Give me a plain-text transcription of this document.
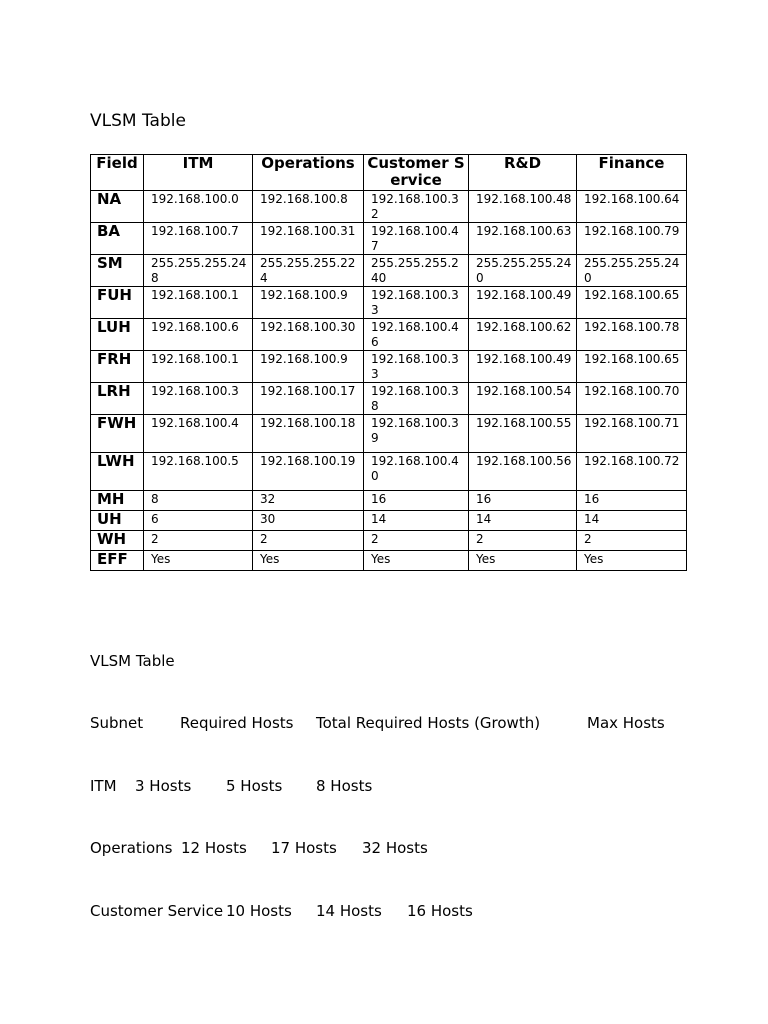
VLSM Table
Field	ITM	Operations	Customer Service	R&D	Finance
NA	192.168.100.0	192.168.100.8	192.168.100.32	192.168.100.48	192.168.100.64
BA	192.168.100.7	192.168.100.31	192.168.100.47	192.168.100.63	192.168.100.79
SM	255.255.255.248	255.255.255.224	255.255.255.240	255.255.255.240	255.255.255.240
FUH	192.168.100.1	192.168.100.9	192.168.100.33	192.168.100.49	192.168.100.65
LUH	192.168.100.6	192.168.100.30	192.168.100.46	192.168.100.62	192.168.100.78
FRH	192.168.100.1	192.168.100.9	192.168.100.33	192.168.100.49	192.168.100.65
LRH	192.168.100.3	192.168.100.17	192.168.100.38	192.168.100.54	192.168.100.70
FWH	192.168.100.4	192.168.100.18	192.168.100.39	192.168.100.55	192.168.100.71
LWH	192.168.100.5	192.168.100.19	192.168.100.40	192.168.100.56	192.168.100.72
MH	8	32	16	16	16
UH	6	30	14	14	14
WH	2	2	2	2	2
EFF	Yes	Yes	Yes	Yes	Yes
VLSM Table
Subnet Required Hosts Total Required Hosts (Growth)	Max Hosts
ITM 3 Hosts 5 Hosts 8 Hosts
Operations 12 Hosts 17 Hosts 32 Hosts
Customer Service 10 Hosts 14 Hosts 16 Hosts
